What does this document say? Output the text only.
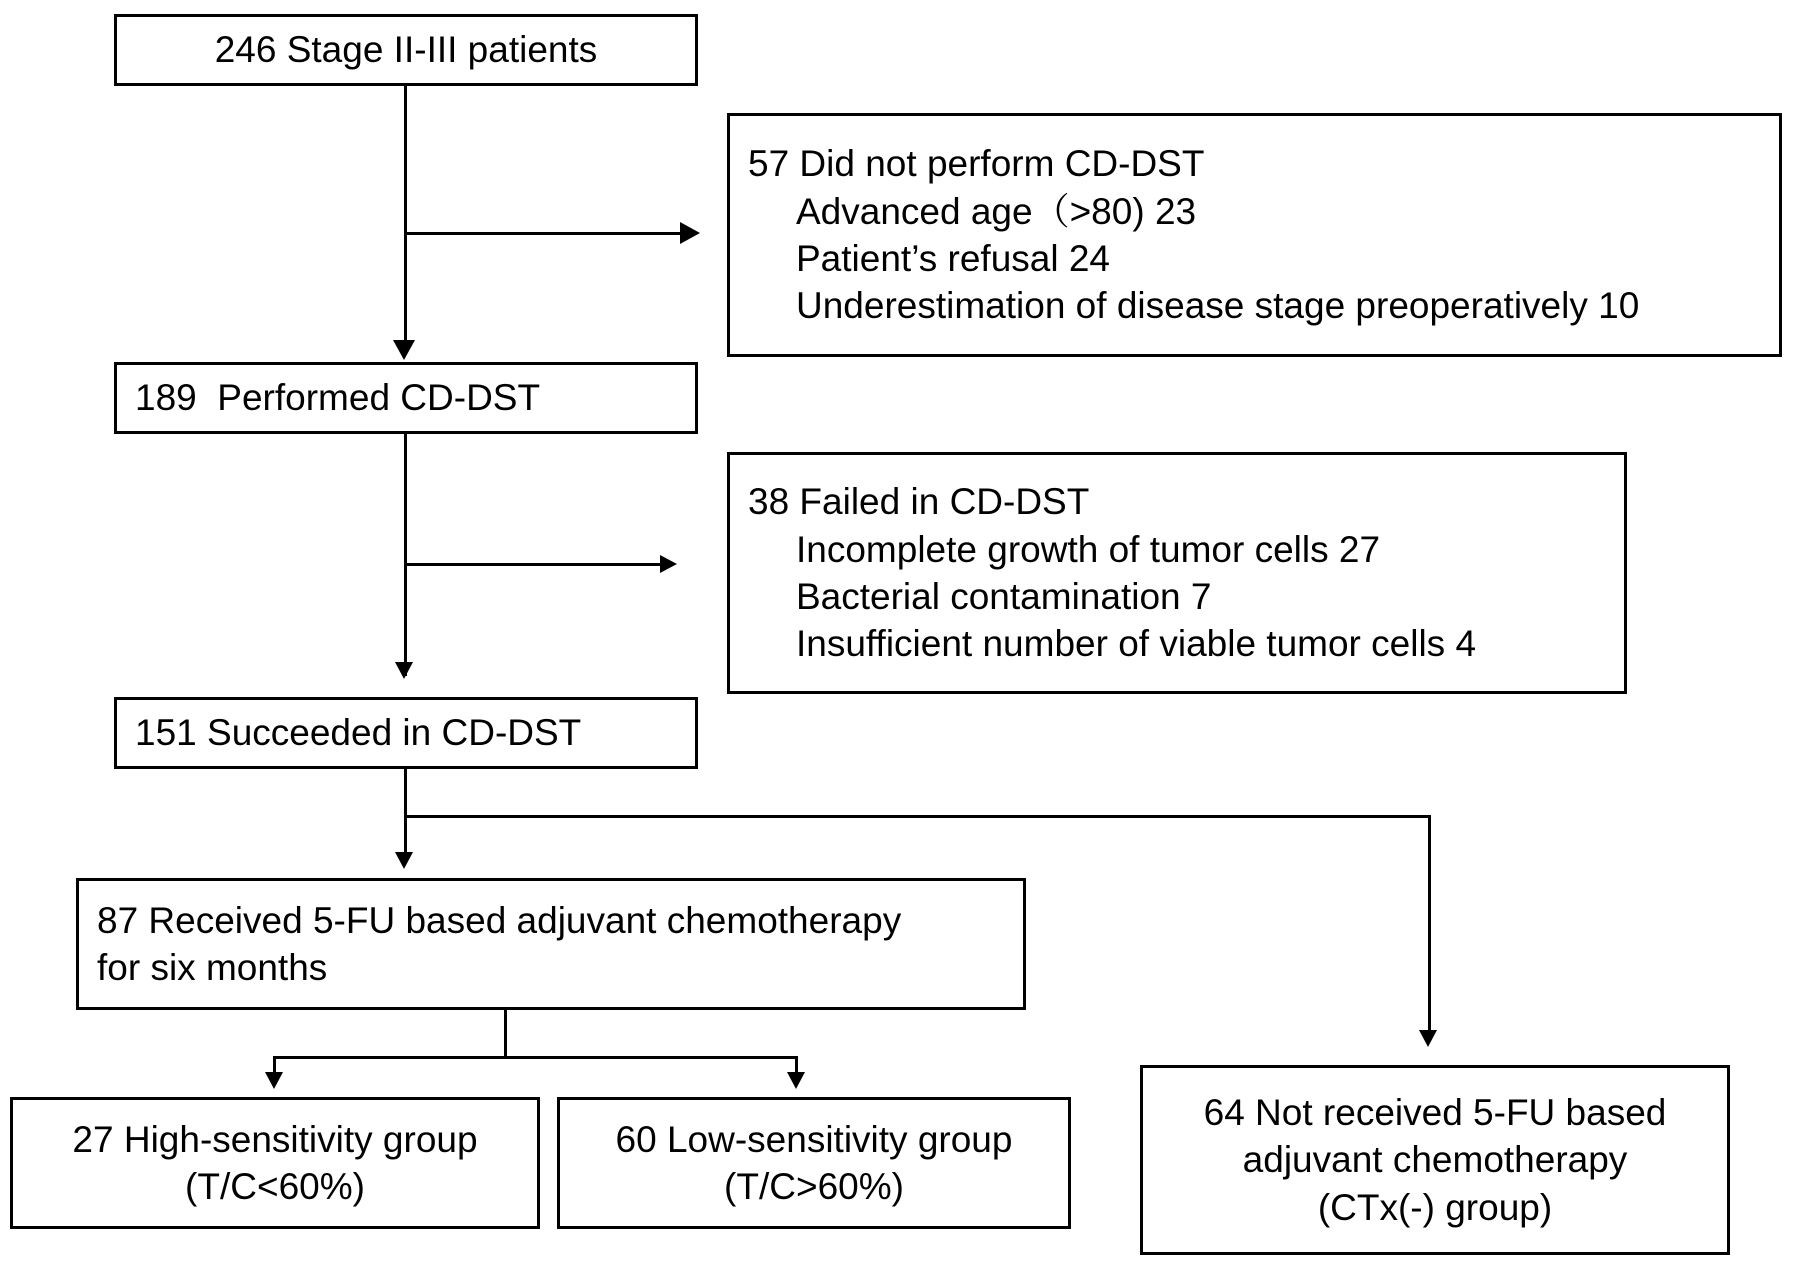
246 Stage II-III patients
57 Did not perform CD-DST
Advanced age（>80) 23
Patient’s refusal 24
Underestimation of disease stage preoperatively 10
189  Performed CD-DST
38 Failed in CD-DST
Incomplete growth of tumor cells 27
Bacterial contamination 7
Insufficient number of viable tumor cells 4
151 Succeeded in CD-DST
87 Received 5-FU based adjuvant chemotherapy
for six months
27 High-sensitivity group
(T/C<60%)
60 Low-sensitivity group
(T/C>60%)
64 Not received 5-FU based
adjuvant chemotherapy
(CTx(-) group)
